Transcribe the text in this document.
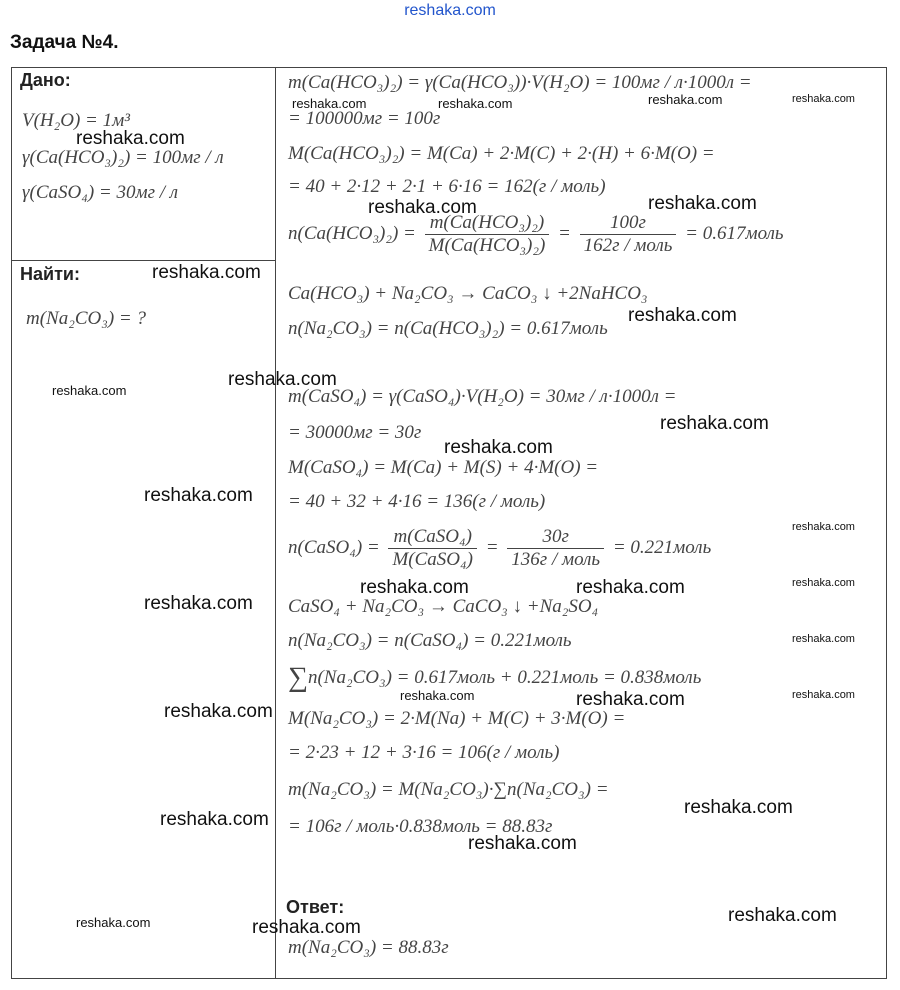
reshaka.com
Задача №4.
Дано:
V(H₂O) = 1м³
γ(Ca(HCO₃)₂) = 100мг / л
γ(CaSO₄) = 30мг / л
Найти:
m(Na₂CO₃) = ?
m(Ca(HCO₃)₂) = γ(Ca(HCO₃))·V(H₂O) = 100мг / л·1000л =
= 100000мг = 100г
M(Ca(HCO₃)₂) = M(Ca) + 2·M(C) + 2·(H) + 6·M(O) =
= 40 + 2·12 + 2·1 + 6·16 = 162(г / моль)
$n(Ca(HCO_3)_2) = \frac{\text{m(Ca(HCO₃)₂)}}{\text{M(Ca(HCO₃)₂)}} = \frac{100г}{\text{162г / моль}}$ = 0.617моль
Ca(HCO₃) + Na₂CO₃ → CaCO₃ ↓ +2NaHCO₃
n(Na₂CO₃) = n(Ca(HCO₃)₂) = 0.617моль
m(CaSO₄) = γ(CaSO₄)·V(H₂O) = 30мг / л·1000л =
= 30000мг = 30г
M(CaSO₄) = M(Ca) + M(S) + 4·M(O) =
= 40 + 32 + 4·16 = 136(г / моль)
n(CaSO₄) = $\frac{\text{m(CaSO₄)}}{\text{M(CaSO₄)}} = \frac{30г}{\text{136г / моль}}$ = 0.221моль
CaSO₄ + Na₂CO₃ → CaCO₃ ↓ +Na₂SO₄
n(Na₂CO₃) = n(CaSO₄) = 0.221моль
∑n(Na₂CO₃) = 0.617моль + 0.221моль = 0.838моль
M(Na₂CO₃) = 2·M(Na) + M(C) + 3·M(O) =
= 2·23 + 12 + 3·16 = 106(г / моль)
m(Na₂CO₃) = M(Na₂CO₃)·∑n(Na₂CO₃) =
= 106г / моль·0.838моль = 88.83г
Ответ:
m(Na₂CO₃) = 88.83г
reshaka.com
reshaka.com
reshaka.com
reshaka.com
reshaka.com
reshaka.com
reshaka.com
reshaka.com
reshaka.com	reshaka.com
reshaka.com	reshaka.com	reshaka.com	reshaka.com
reshaka.com	reshaka.com
reshaka.com
reshaka.com
reshaka.com
reshaka.com
reshaka.com	reshaka.com	reshaka.com
reshaka.com
reshaka.com	reshaka.com	reshaka.com
reshaka.com
reshaka.com
reshaka.com
